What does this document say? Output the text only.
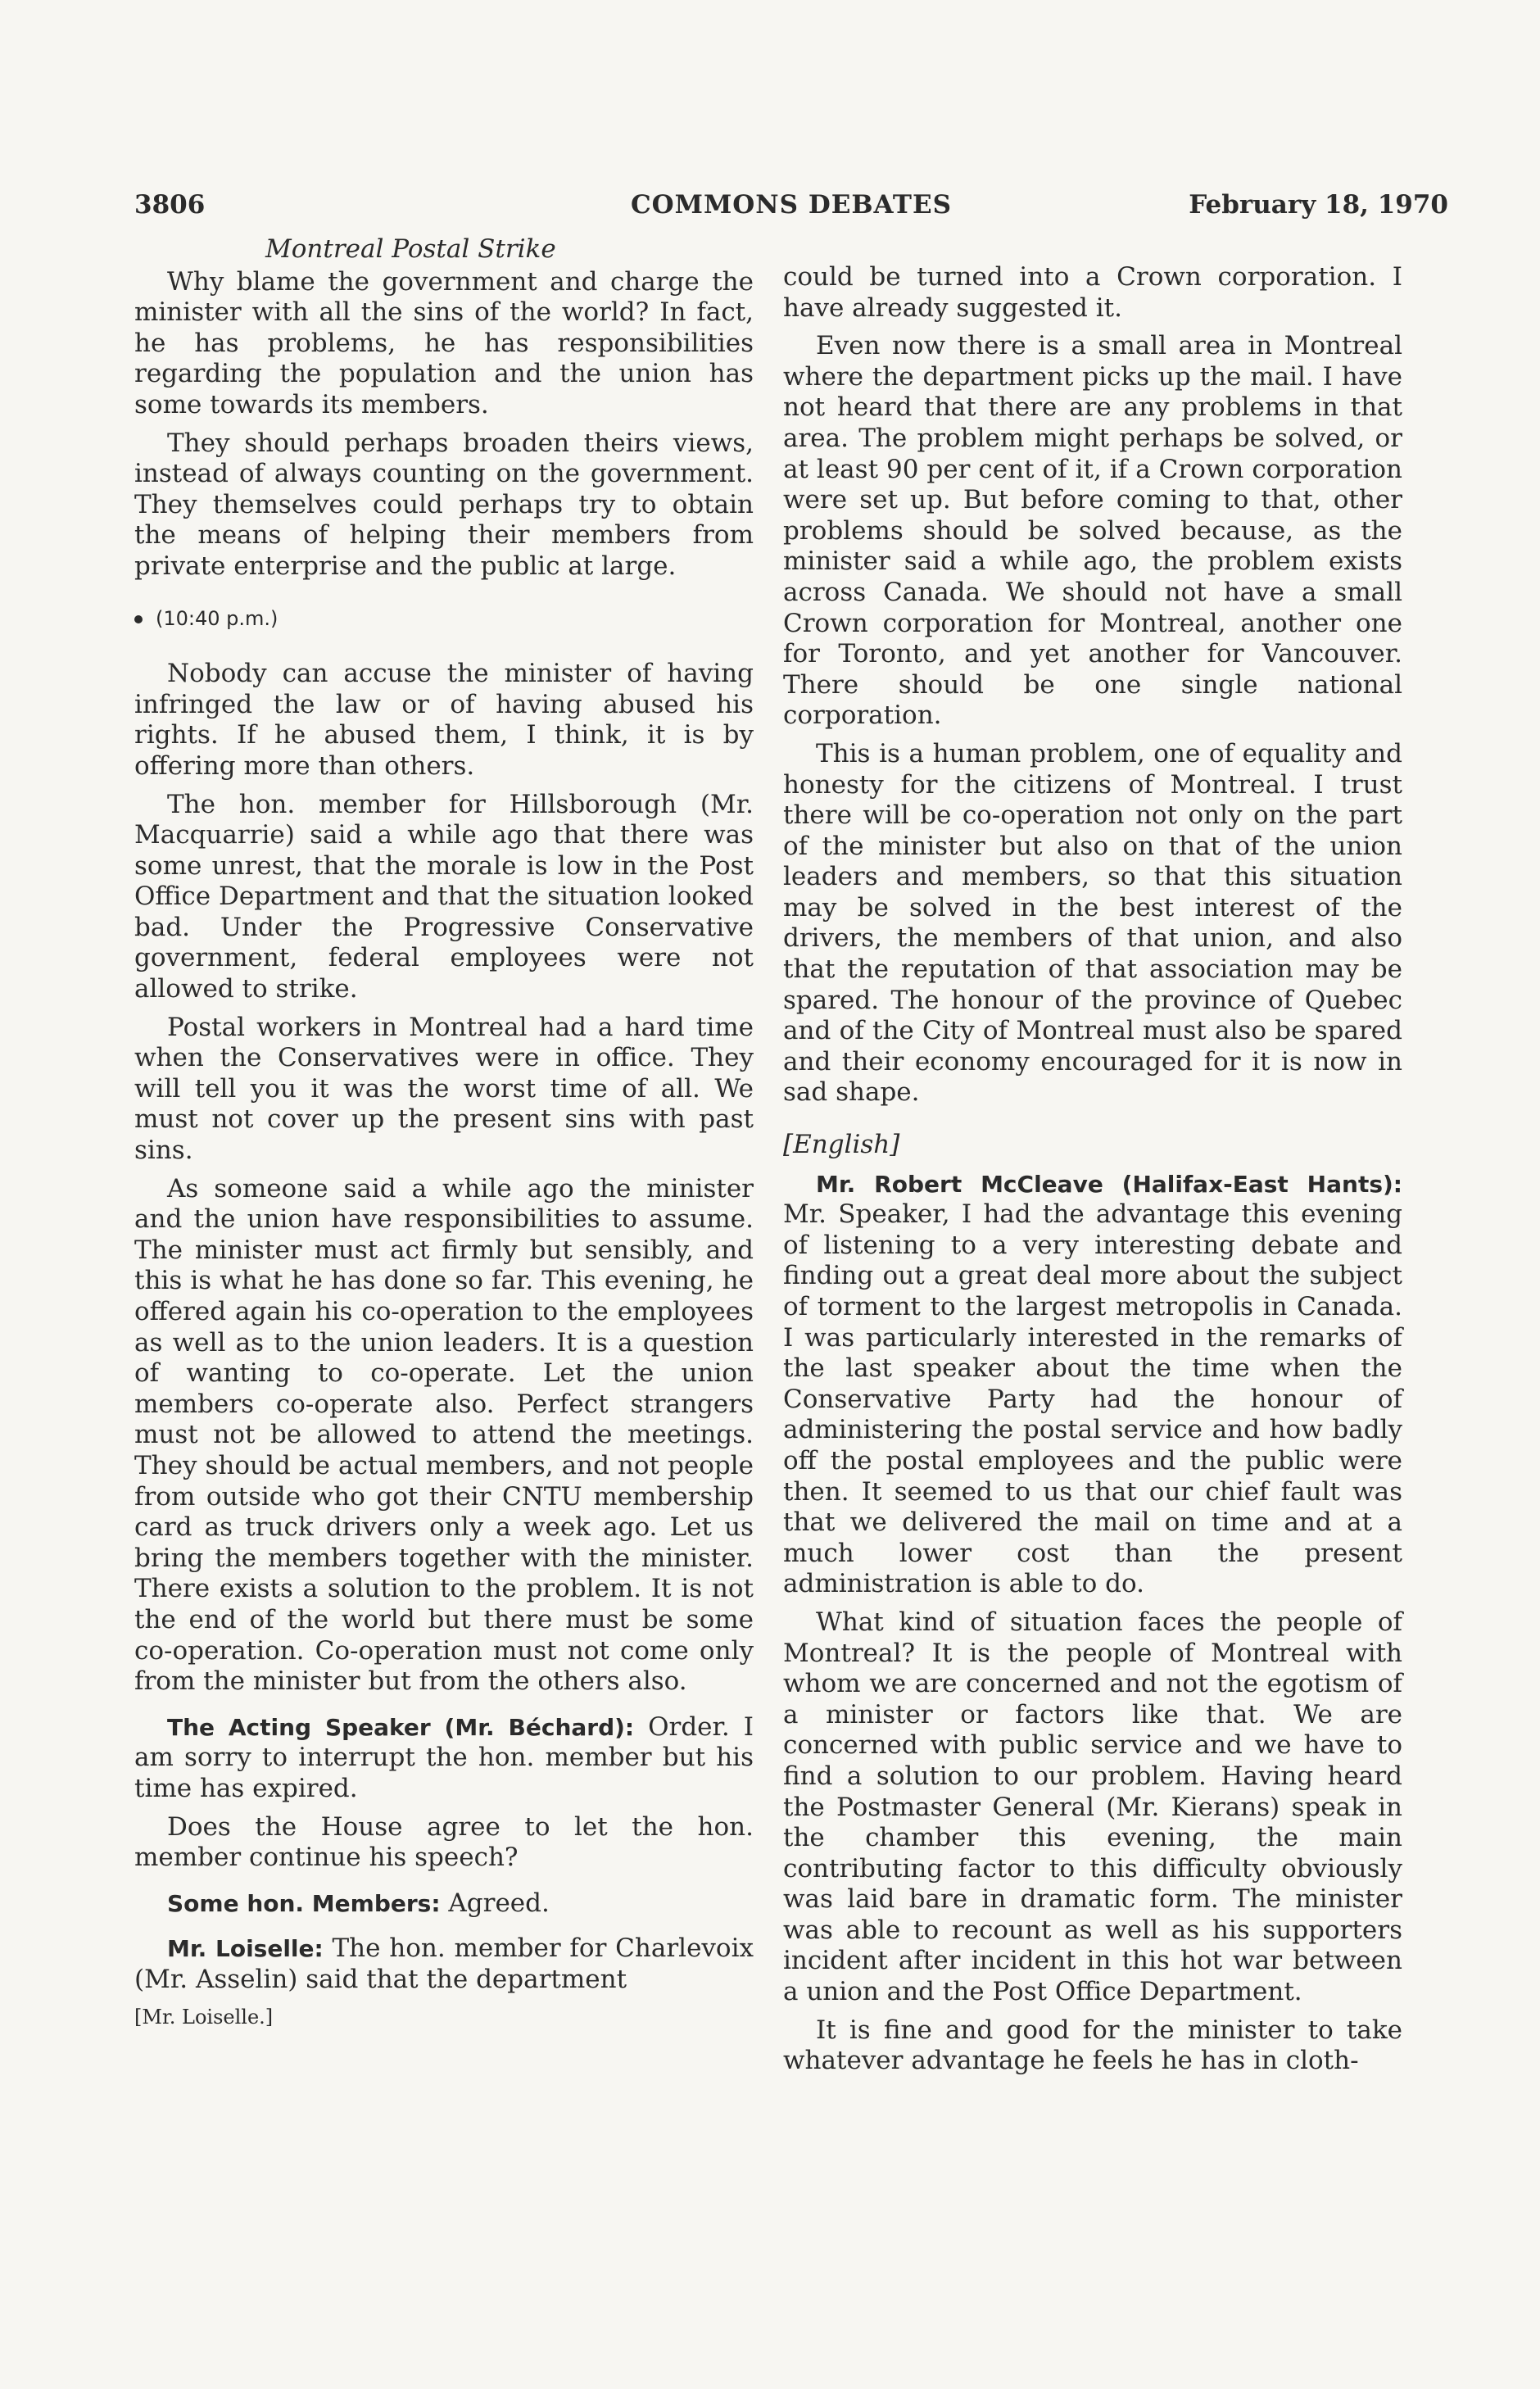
3806	COMMONS DEBATES	February 18, 1970
Montreal Postal Strike

Why blame the government and charge the minister with all the sins of the world? In fact, he has problems, he has responsibilities regarding the population and the union has some towards its members.

They should perhaps broaden theirs views, instead of always counting on the government. They themselves could perhaps try to obtain the means of helping their members from private enterprise and the public at large.

(10:40 p.m.)

Nobody can accuse the minister of having infringed the law or of having abused his rights. If he abused them, I think, it is by offering more than others.

The hon. member for Hillsborough (Mr. Macquarrie) said a while ago that there was some unrest, that the morale is low in the Post Office Department and that the situation looked bad. Under the Progressive Conservative government, federal employees were not allowed to strike.

Postal workers in Montreal had a hard time when the Conservatives were in office. They will tell you it was the worst time of all. We must not cover up the present sins with past sins.

As someone said a while ago the minister and the union have responsibilities to assume. The minister must act firmly but sensibly, and this is what he has done so far. This evening, he offered again his co-operation to the employees as well as to the union leaders. It is a question of wanting to co-operate. Let the union members co-operate also. Perfect strangers must not be allowed to attend the meetings. They should be actual members, and not people from outside who got their CNTU membership card as truck drivers only a week ago. Let us bring the members together with the minister. There exists a solution to the problem. It is not the end of the world but there must be some co-operation. Co-operation must not come only from the minister but from the others also.

The Acting Speaker (Mr. Béchard): Order. I am sorry to interrupt the hon. member but his time has expired.

Does the House agree to let the hon. member continue his speech?

Some hon. Members: Agreed.

Mr. Loiselle: The hon. member for Charlevoix (Mr. Asselin) said that the department

[Mr. Loiselle.]

could be turned into a Crown corporation. I have already suggested it.

Even now there is a small area in Montreal where the department picks up the mail. I have not heard that there are any problems in that area. The problem might perhaps be solved, or at least 90 per cent of it, if a Crown corporation were set up. But before coming to that, other problems should be solved because, as the minister said a while ago, the problem exists across Canada. We should not have a small Crown corporation for Montreal, another one for Toronto, and yet another for Vancouver. There should be one single national corporation.

This is a human problem, one of equality and honesty for the citizens of Montreal. I trust there will be co-operation not only on the part of the minister but also on that of the union leaders and members, so that this situation may be solved in the best interest of the drivers, the members of that union, and also that the reputation of that association may be spared. The honour of the province of Quebec and of the City of Montreal must also be spared and their economy encouraged for it is now in sad shape.

[English]

Mr. Robert McCleave (Halifax-East Hants): Mr. Speaker, I had the advantage this evening of listening to a very interesting debate and finding out a great deal more about the subject of torment to the largest metropolis in Canada. I was particularly interested in the remarks of the last speaker about the time when the Conservative Party had the honour of administering the postal service and how badly off the postal employees and the public were then. It seemed to us that our chief fault was that we delivered the mail on time and at a much lower cost than the present administration is able to do.

What kind of situation faces the people of Montreal? It is the people of Montreal with whom we are concerned and not the egotism of a minister or factors like that. We are concerned with public service and we have to find a solution to our problem. Having heard the Postmaster General (Mr. Kierans) speak in the chamber this evening, the main contributing factor to this difficulty obviously was laid bare in dramatic form. The minister was able to recount as well as his supporters incident after incident in this hot war between a union and the Post Office Department.

It is fine and good for the minister to take whatever advantage he feels he has in cloth-
